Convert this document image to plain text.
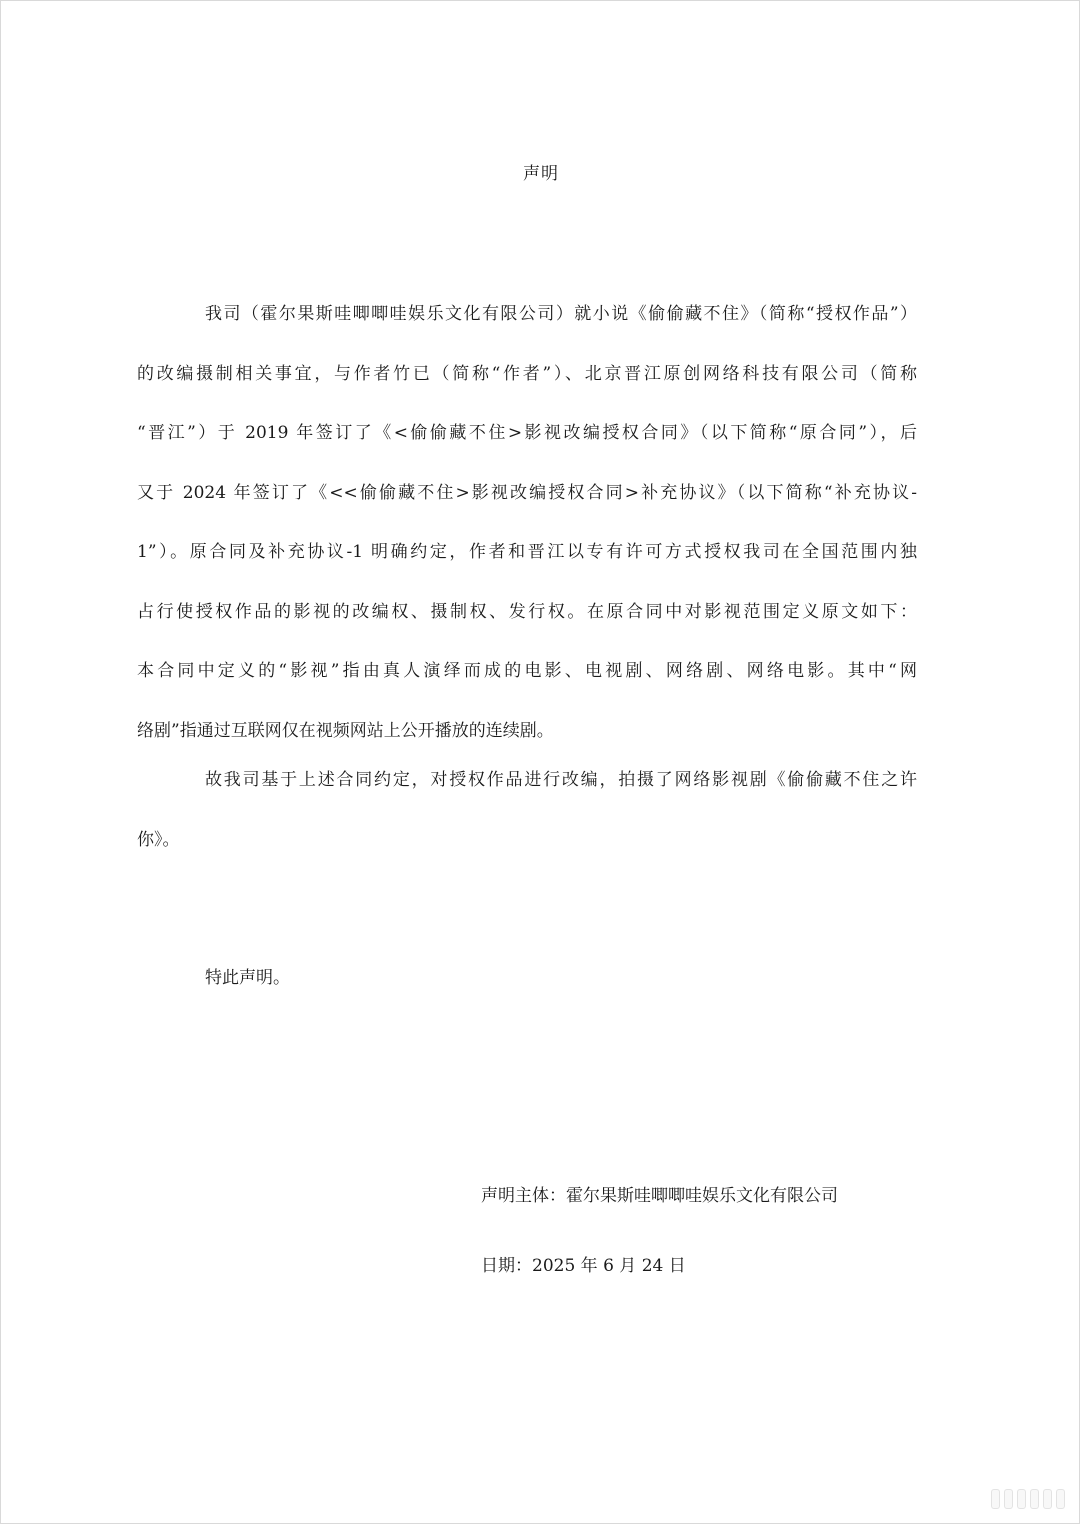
声明
我司（霍尔果斯哇唧唧哇娱乐文化有限公司）就小说《偷偷藏不住》（简称“授权作品”）
的改编摄制相关事宜，与作者竹已（简称“作者”）、北京晋江原创网络科技有限公司（简称
“晋江”）于 2019 年签订了《<偷偷藏不住>影视改编授权合同》（以下简称“原合同”），后
又于 2024 年签订了《<<偷偷藏不住>影视改编授权合同>补充协议》（以下简称“补充协议-
1”）。原合同及补充协议-1 明确约定，作者和晋江以专有许可方式授权我司在全国范围内独
占行使授权作品的影视的改编权、摄制权、发行权。在原合同中对影视范围定义原文如下：
本合同中定义的“影视”指由真人演绎而成的电影、电视剧、网络剧、网络电影。其中“网
络剧”指通过互联网仅在视频网站上公开播放的连续剧。
故我司基于上述合同约定，对授权作品进行改编，拍摄了网络影视剧《偷偷藏不住之许
你》。
特此声明。
声明主体：霍尔果斯哇唧唧哇娱乐文化有限公司
日期：2025 年 6 月 24 日
